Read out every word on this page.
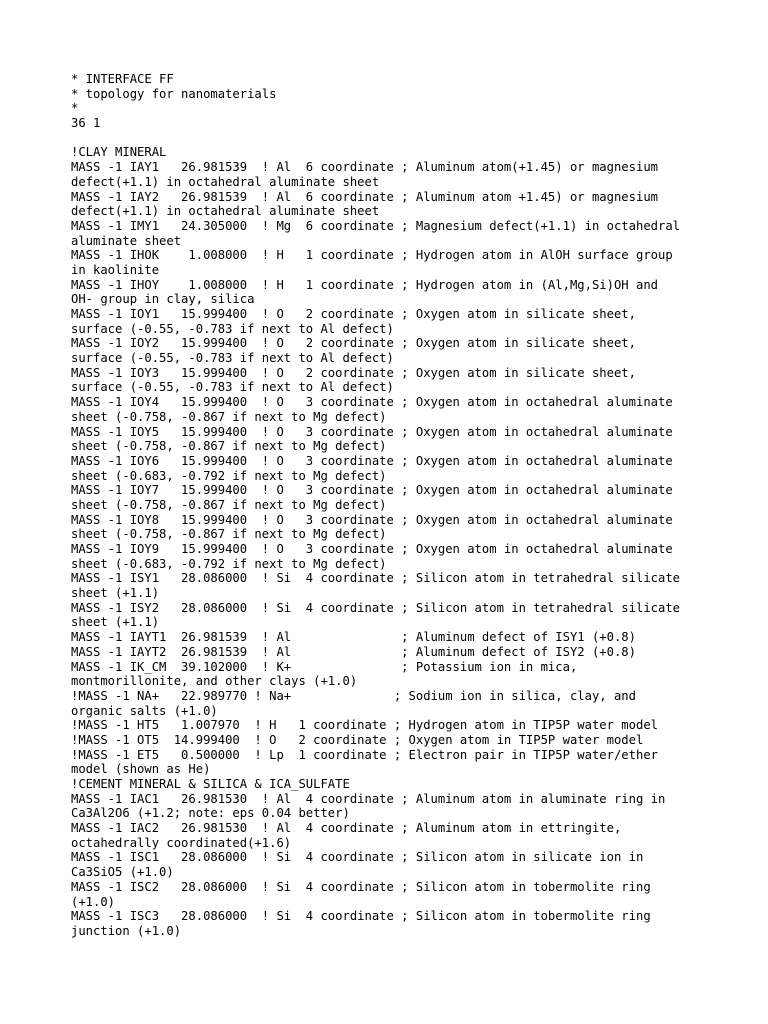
* INTERFACE FF
* topology for nanomaterials
*
36 1
!CLAY MINERAL
MASS -1 IAY1   26.981539  ! Al  6 coordinate ; Aluminum atom(+1.45) or magnesium
defect(+1.1) in octahedral aluminate sheet
MASS -1 IAY2   26.981539  ! Al  6 coordinate ; Aluminum atom +1.45) or magnesium
defect(+1.1) in octahedral aluminate sheet
MASS -1 IMY1   24.305000  ! Mg  6 coordinate ; Magnesium defect(+1.1) in octahedral
aluminate sheet
MASS -1 IHOK    1.008000  ! H   1 coordinate ; Hydrogen atom in AlOH surface group
in kaolinite
MASS -1 IHOY    1.008000  ! H   1 coordinate ; Hydrogen atom in (Al,Mg,Si)OH and
OH- group in clay, silica
MASS -1 IOY1   15.999400  ! O   2 coordinate ; Oxygen atom in silicate sheet,
surface (-0.55, -0.783 if next to Al defect)
MASS -1 IOY2   15.999400  ! O   2 coordinate ; Oxygen atom in silicate sheet,
surface (-0.55, -0.783 if next to Al defect)
MASS -1 IOY3   15.999400  ! O   2 coordinate ; Oxygen atom in silicate sheet,
surface (-0.55, -0.783 if next to Al defect)
MASS -1 IOY4   15.999400  ! O   3 coordinate ; Oxygen atom in octahedral aluminate
sheet (-0.758, -0.867 if next to Mg defect)
MASS -1 IOY5   15.999400  ! O   3 coordinate ; Oxygen atom in octahedral aluminate
sheet (-0.758, -0.867 if next to Mg defect)
MASS -1 IOY6   15.999400  ! O   3 coordinate ; Oxygen atom in octahedral aluminate
sheet (-0.683, -0.792 if next to Mg defect)
MASS -1 IOY7   15.999400  ! O   3 coordinate ; Oxygen atom in octahedral aluminate
sheet (-0.758, -0.867 if next to Mg defect)
MASS -1 IOY8   15.999400  ! O   3 coordinate ; Oxygen atom in octahedral aluminate
sheet (-0.758, -0.867 if next to Mg defect)
MASS -1 IOY9   15.999400  ! O   3 coordinate ; Oxygen atom in octahedral aluminate
sheet (-0.683, -0.792 if next to Mg defect)
MASS -1 ISY1   28.086000  ! Si  4 coordinate ; Silicon atom in tetrahedral silicate
sheet (+1.1)
MASS -1 ISY2   28.086000  ! Si  4 coordinate ; Silicon atom in tetrahedral silicate
sheet (+1.1)
MASS -1 IAYT1  26.981539  ! Al               ; Aluminum defect of ISY1 (+0.8)
MASS -1 IAYT2  26.981539  ! Al               ; Aluminum defect of ISY2 (+0.8)
MASS -1 IK_CM  39.102000  ! K+               ; Potassium ion in mica,
montmorillonite, and other clays (+1.0)
!MASS -1 NA+   22.989770 ! Na+              ; Sodium ion in silica, clay, and
organic salts (+1.0)
!MASS -1 HT5   1.007970  ! H   1 coordinate ; Hydrogen atom in TIP5P water model
!MASS -1 OT5  14.999400  ! O   2 coordinate ; Oxygen atom in TIP5P water model
!MASS -1 ET5   0.500000  ! Lp  1 coordinate ; Electron pair in TIP5P water/ether
model (shown as He)
!CEMENT MINERAL & SILICA & ICA_SULFATE
MASS -1 IAC1   26.981530  ! Al  4 coordinate ; Aluminum atom in aluminate ring in
Ca3Al2O6 (+1.2; note: eps 0.04 better)
MASS -1 IAC2   26.981530  ! Al  4 coordinate ; Aluminum atom in ettringite,
octahedrally coordinated(+1.6)
MASS -1 ISC1   28.086000  ! Si  4 coordinate ; Silicon atom in silicate ion in
Ca3SiO5 (+1.0)
MASS -1 ISC2   28.086000  ! Si  4 coordinate ; Silicon atom in tobermolite ring
(+1.0)
MASS -1 ISC3   28.086000  ! Si  4 coordinate ; Silicon atom in tobermolite ring
junction (+1.0)
